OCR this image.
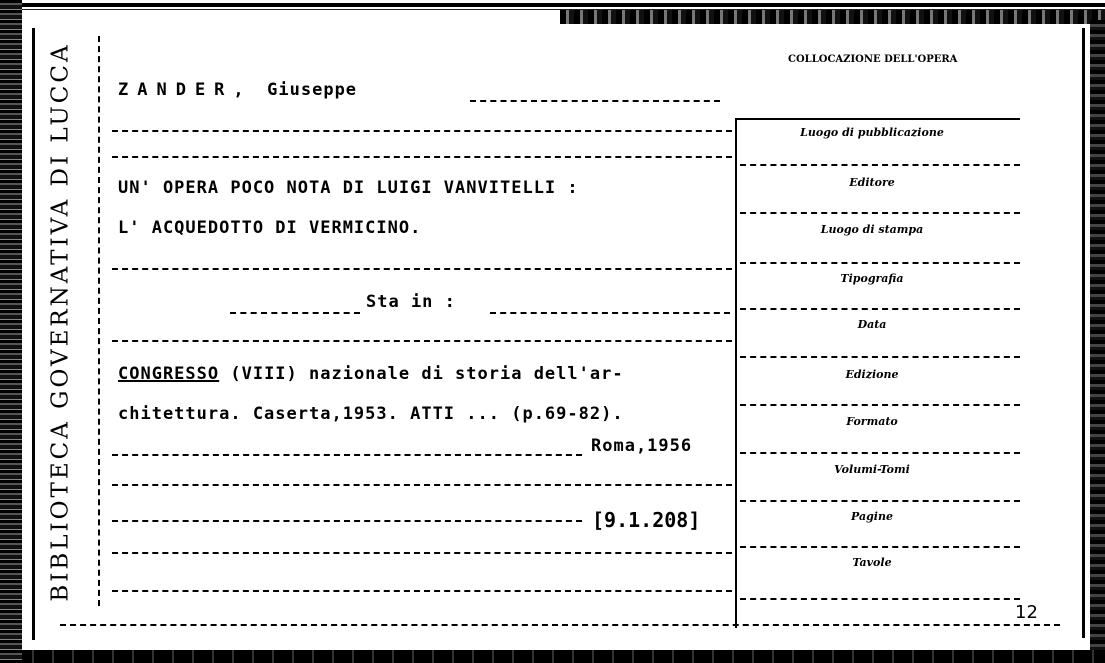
BIBLIOTECA GOVERNATIVA DI LUCCA	ZANDER, Giuseppe
UN' OPERA POCO NOTA DI LUIGI VANVITELLI :
L' ACQUEDOTTO DI VERMICINO.
Sta in :
CONGRESSO (VIII) nazionale di storia dell'ar-
chitettura. Caserta,1953. ATTI ... (p.69-82).
Roma,1956
[9.1.208]
COLLOCAZIONE DELL'OPERA
Luogo di pubblicazione
Editore
Luogo di stampa
Tipografia
Data
Edizione
Formato
Volumi-Tomi
Pagine
Tavole
12
